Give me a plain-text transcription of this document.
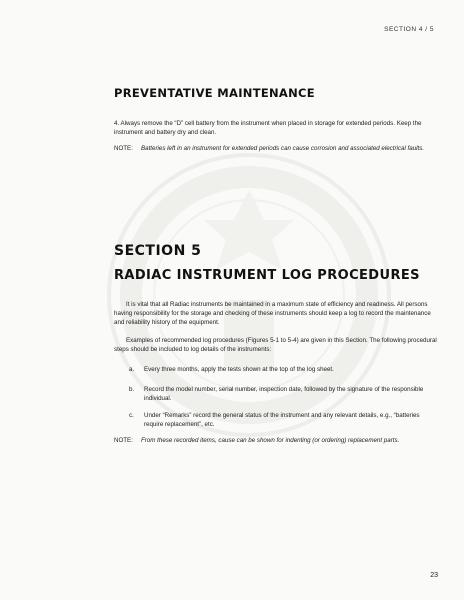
SECTION 4 / 5
PREVENTATIVE MAINTENANCE

4. Always remove the “D” cell battery from the instrument when placed in storage for extended periods. Keep the instrument and battery dry and clean.

NOTE:	Batteries left in an instrument for extended periods can cause corrosion and associated electrical faults.
SECTION 5
RADIAC INSTRUMENT LOG PROCEDURES

It is vital that all Radiac instruments be maintained in a maximum state of efficiency and readiness. All persons having responsibility for the storage and checking of these instruments should keep a log to record the maintenance and reliability history of the equipment.

Examples of recommended log procedures (Figures 5-1 to 5-4) are given in this Section. The following procedural steps should be included to log details of the instruments:

a.	Every three months, apply the tests shown at the top of the log sheet.
b.	Record the model number, serial number, inspection date, followed by the signature of the responsible individual.
c.	Under “Remarks” record the general status of the instrument and any relevant details, e.g., “batteries require replacement”, etc.
NOTE:	From these recorded items, cause can be shown for indenting (or ordering) replacement parts.
23
